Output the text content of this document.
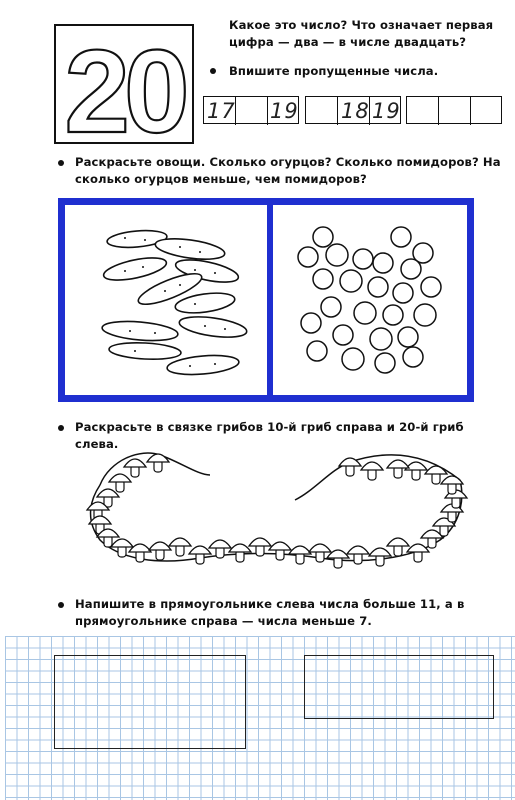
20
Какое это число? Что означает первая
цифра — два — в числе двадцать?
Впишите пропущенные числа.
17 19 18 19
Раскрасьте овощи. Сколько огурцов? Сколько помидоров? На
сколько огурцов меньше, чем помидоров?
Раскрасьте в связке грибов 10-й гриб справа и 20-й гриб
слева.
Напишите в прямоугольнике слева числа больше 11, а в
прямоугольнике справа — числа меньше 7.
